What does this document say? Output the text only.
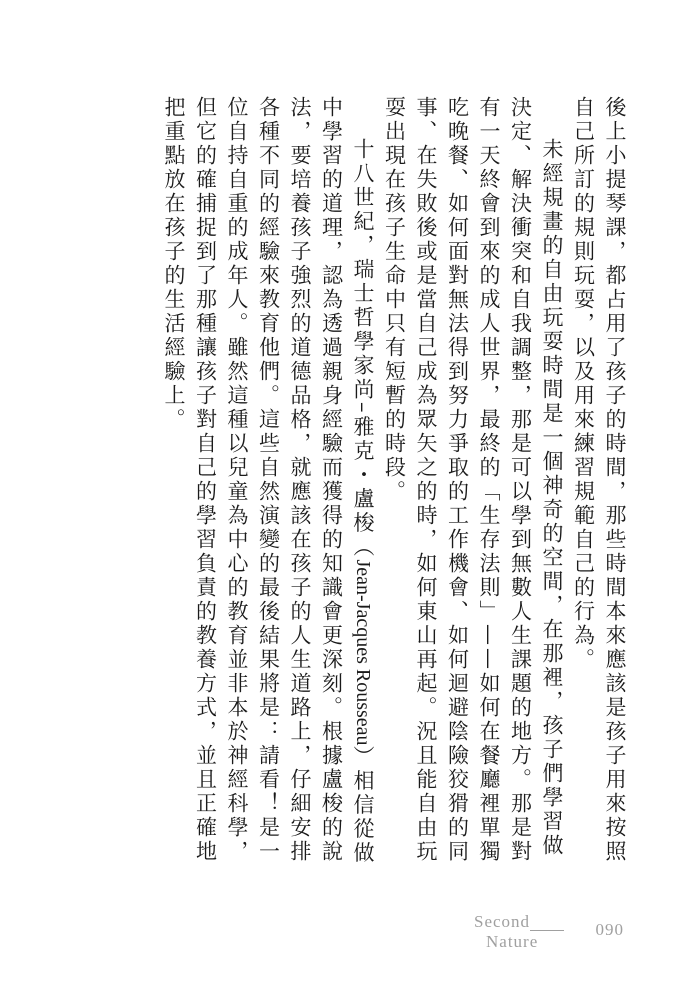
後上小提琴課，都占用了孩子的時間，那些時間本來應該是孩子用來按照自己所訂的規則玩耍，以及用來練習規範自己的行為。

未經規畫的自由玩耍時間是一個神奇的空間，在那裡，孩子們學習做決定、解決衝突和自我調整，那是可以學到無數人生課題的地方。那是對有一天終會到來的成人世界，最終的「生存法則」——如何在餐廳裡單獨吃晚餐、如何面對無法得到努力爭取的工作機會、如何迴避陰險狡猾的同事、在失敗後或是當自己成為眾矢之的時，如何東山再起。況且能自由玩耍出現在孩子生命中只有短暫的時段。

十八世紀，瑞士哲學家尚–雅克・盧梭（Jean-Jacques Rousseau）相信從做中學習的道理，認為透過親身經驗而獲得的知識會更深刻。根據盧梭的說法，要培養孩子強烈的道德品格，就應該在孩子的人生道路上，仔細安排各種不同的經驗來教育他們。這些自然演變的最後結果將是：請看！是一位自持自重的成年人。雖然這種以兒童為中心的教育並非本於神經科學，但它的確捕捉到了那種讓孩子對自己的學習負責的教養方式，並且正確地把重點放在孩子的生活經驗上。

Second
Nature
090
